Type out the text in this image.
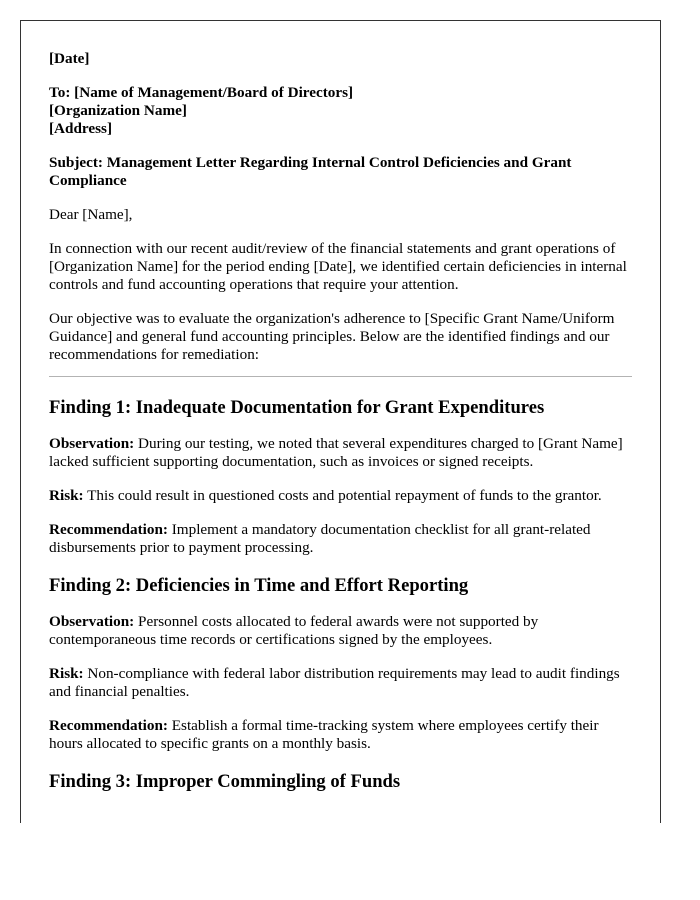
[Date]

To: [Name of Management/Board of Directors]

[Organization Name]

[Address]

Subject: Management Letter Regarding Internal Control Deficiencies and Grant Compliance

Dear [Name],

In connection with our recent audit/review of the financial statements and grant operations of [Organization Name] for the period ending [Date], we identified certain deficiencies in internal controls and fund accounting operations that require your attention.

Our objective was to evaluate the organization's adherence to [Specific Grant Name/Uniform Guidance] and general fund accounting principles. Below are the identified findings and our recommendations for remediation:

Finding 1: Inadequate Documentation for Grant Expenditures

Observation: During our testing, we noted that several expenditures charged to [Grant Name] lacked sufficient supporting documentation, such as invoices or signed receipts.

Risk: This could result in questioned costs and potential repayment of funds to the grantor.

Recommendation: Implement a mandatory documentation checklist for all grant-related disbursements prior to payment processing.

Finding 2: Deficiencies in Time and Effort Reporting

Observation: Personnel costs allocated to federal awards were not supported by contemporaneous time records or certifications signed by the employees.

Risk: Non-compliance with federal labor distribution requirements may lead to audit findings and financial penalties.

Recommendation: Establish a formal time-tracking system where employees certify their hours allocated to specific grants on a monthly basis.

Finding 3: Improper Commingling of Funds
